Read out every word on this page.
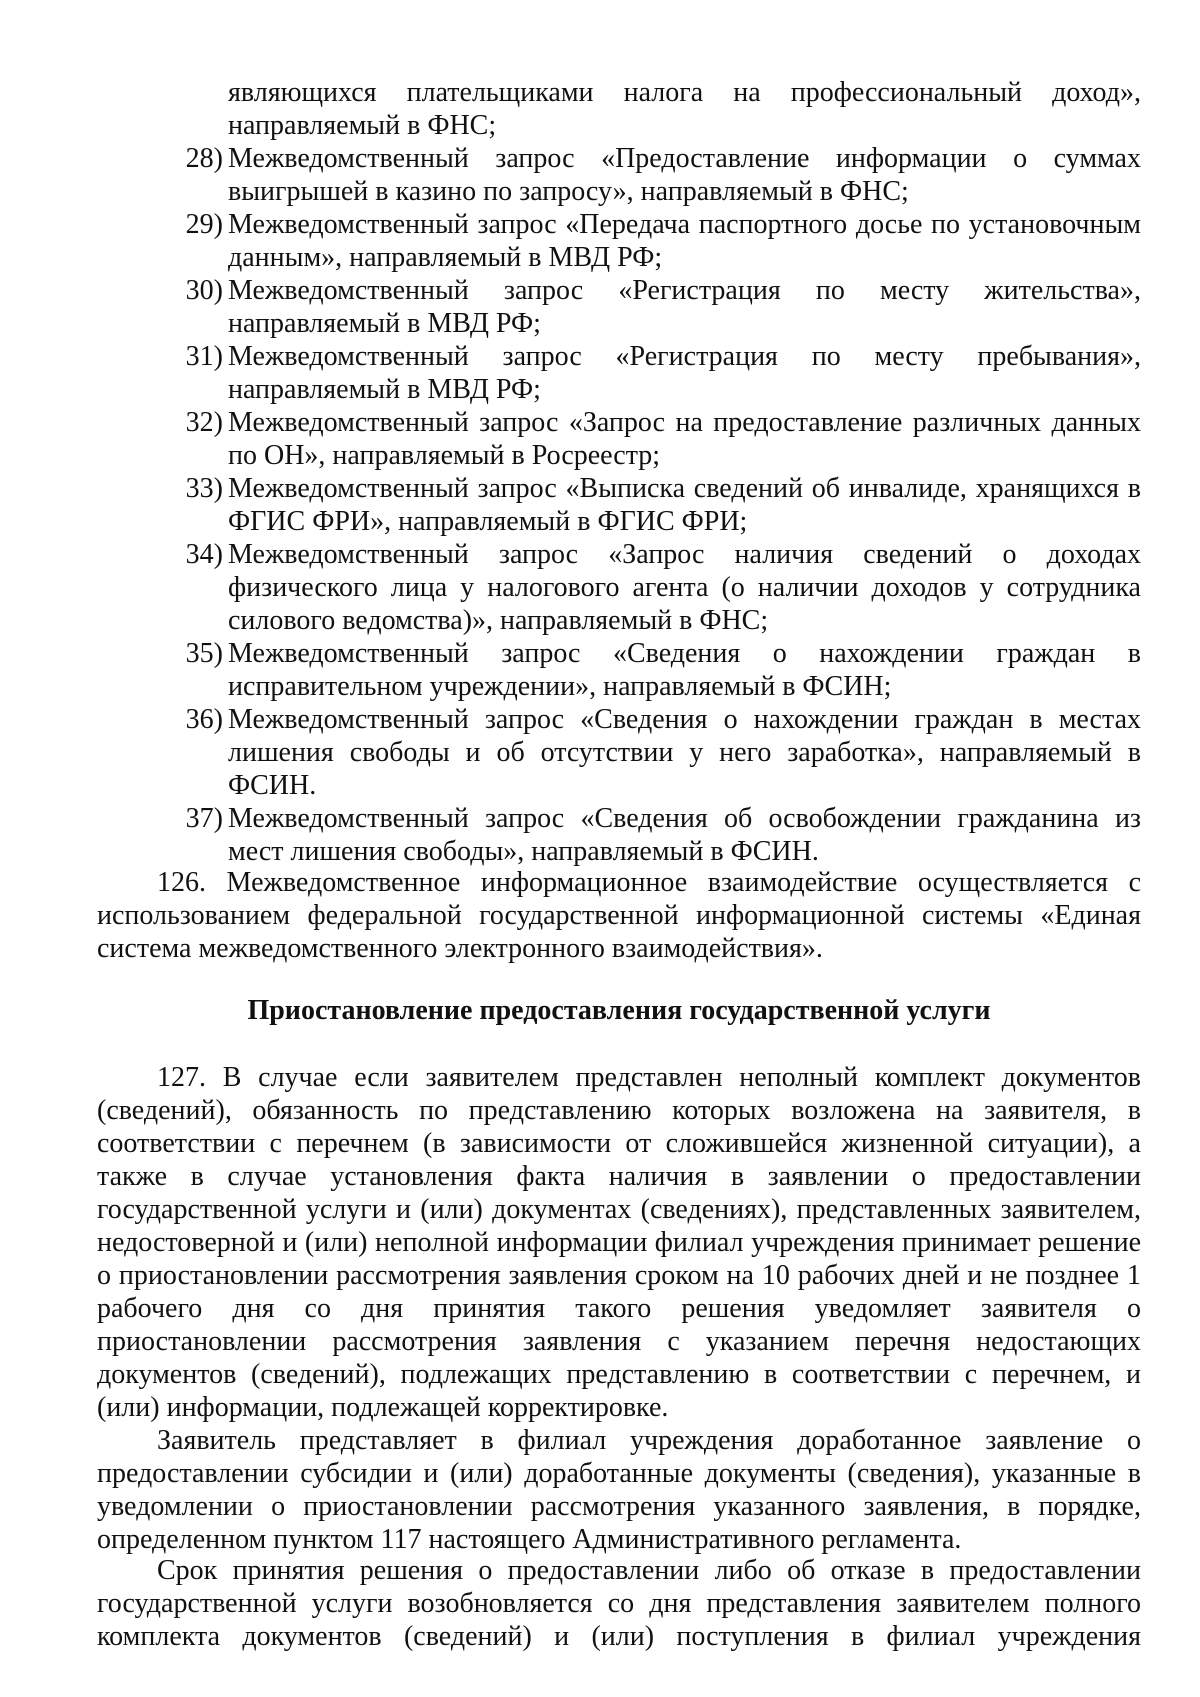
являющихся плательщиками налога на профессиональный доход», направляемый в ФНС;
28) Межведомственный запрос «Предоставление информации о суммах выигрышей в казино по запросу», направляемый в ФНС;
29) Межведомственный запрос «Передача паспортного досье по установочным данным», направляемый в МВД РФ;
30) Межведомственный запрос «Регистрация по месту жительства», направляемый в МВД РФ;
31) Межведомственный запрос «Регистрация по месту пребывания», направляемый в МВД РФ;
32) Межведомственный запрос «Запрос на предоставление различных данных по ОН», направляемый в Росреестр;
33) Межведомственный запрос «Выписка сведений об инвалиде, хранящихся в ФГИС ФРИ», направляемый в ФГИС ФРИ;
34) Межведомственный запрос «Запрос наличия сведений о доходах физического лица у налогового агента (о наличии доходов у сотрудника силового ведомства)», направляемый в ФНС;
35) Межведомственный запрос «Сведения о нахождении граждан в исправительном учреждении», направляемый в ФСИН;
36) Межведомственный запрос «Сведения о нахождении граждан в местах лишения свободы и об отсутствии у него заработка», направляемый в ФСИН.
37) Межведомственный запрос «Сведения об освобождении гражданина из мест лишения свободы», направляемый в ФСИН.
126. Межведомственное информационное взаимодействие осуществляется с использованием федеральной государственной информационной системы «Единая система межведомственного электронного взаимодействия».
Приостановление предоставления государственной услуги
127. В случае если заявителем представлен неполный комплект документов (сведений), обязанность по представлению которых возложена на заявителя, в соответствии с перечнем (в зависимости от сложившейся жизненной ситуации), а также в случае установления факта наличия в заявлении о предоставлении государственной услуги и (или) документах (сведениях), представленных заявителем, недостоверной и (или) неполной информации филиал учреждения принимает решение о приостановлении рассмотрения заявления сроком на 10 рабочих дней и не позднее 1 рабочего дня со дня принятия такого решения уведомляет заявителя о приостановлении рассмотрения заявления с указанием перечня недостающих документов (сведений), подлежащих представлению в соответствии с перечнем, и (или) информации, подлежащей корректировке.
Заявитель представляет в филиал учреждения доработанное заявление о предоставлении субсидии и (или) доработанные документы (сведения), указанные в уведомлении о приостановлении рассмотрения указанного заявления, в порядке, определенном пунктом 117 настоящего Административного регламента.
Срок принятия решения о предоставлении либо об отказе в предоставлении государственной услуги возобновляется со дня представления заявителем полного комплекта документов (сведений) и (или) поступления в филиал учреждения
